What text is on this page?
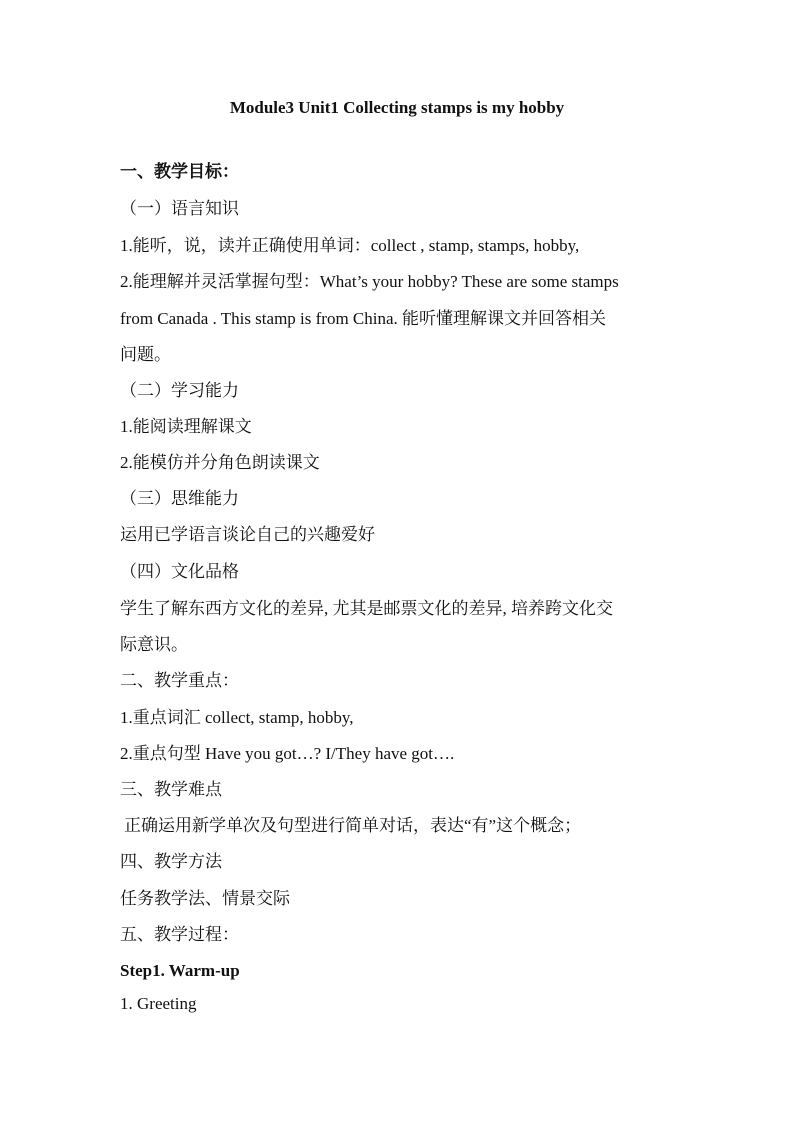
Module3 Unit1 Collecting stamps is my hobby
一、教学目标：
（一）语言知识
1.能听，说，读并正确使用单词：collect , stamp, stamps, hobby,
2.能理解并灵活掌握句型：What’s your hobby? These are some stamps
from Canada . This stamp is from China. 能听懂理解课文并回答相关
问题。
（二）学习能力
1.能阅读理解课文
2.能模仿并分角色朗读课文
（三）思维能力
运用已学语言谈论自己的兴趣爱好
（四）文化品格
学生了解东西方文化的差异, 尤其是邮票文化的差异, 培养跨文化交
际意识。
二、教学重点：
1.重点词汇 collect, stamp, hobby,
2.重点句型 Have you got…? I/They have got….
三、教学难点
正确运用新学单次及句型进行简单对话，表达“有”这个概念；
四、教学方法
任务教学法、情景交际
五、教学过程：
Step1. Warm-up
1. Greeting
